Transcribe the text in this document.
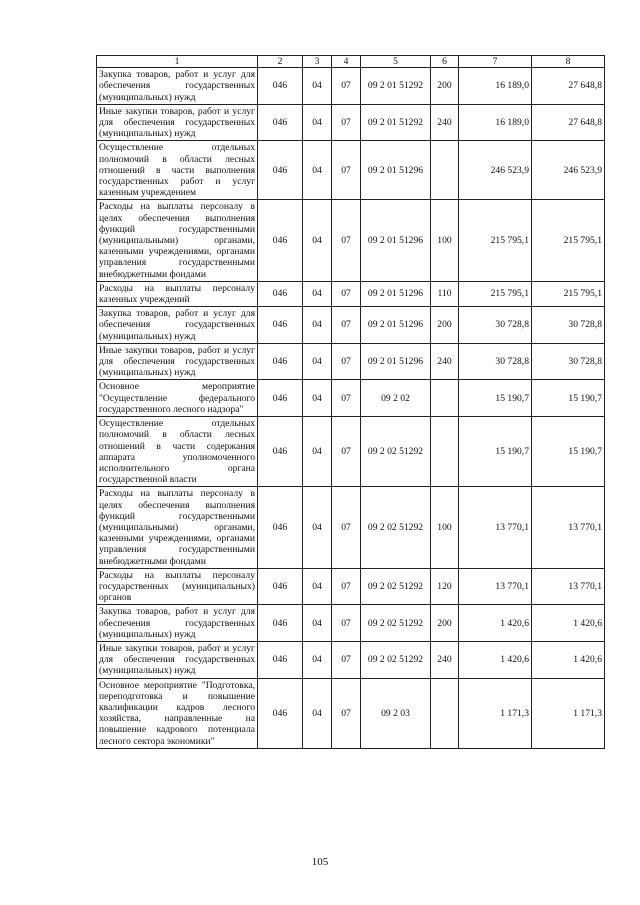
1	2	3	4	5	6	7	8
Закупка товаров, работ и услуг для обеспечения государственных (муниципальных) нужд	046	04	07	09 2 01 51292	200	16 189,0	27 648,8
Иные закупки товаров, работ и услуг для обеспечения государственных (муниципальных) нужд	046	04	07	09 2 01 51292	240	16 189,0	27 648,8
Осуществление отдельных полномочий в области лесных отношений в части выполнения государственных работ и услуг казенным учреждением	046	04	07	09 2 01 51296		246 523,9	246 523,9
Расходы на выплаты персоналу в целях обеспечения выполнения функций государственными (муниципальными) органами, казенными учреждениями, органами управления государственными внебюджетными фондами	046	04	07	09 2 01 51296	100	215 795,1	215 795,1
Расходы на выплаты персоналу казенных учреждений	046	04	07	09 2 01 51296	110	215 795,1	215 795,1
Закупка товаров, работ и услуг для обеспечения государственных (муниципальных) нужд	046	04	07	09 2 01 51296	200	30 728,8	30 728,8
Иные закупки товаров, работ и услуг для обеспечения государственных (муниципальных) нужд	046	04	07	09 2 01 51296	240	30 728,8	30 728,8
Основное мероприятие "Осуществление федерального государственного лесного надзора"	046	04	07	09 2 02		15 190,7	15 190,7
Осуществление отдельных полномочий в области лесных отношений в части содержания аппарата уполномоченного исполнительного органа государственной власти	046	04	07	09 2 02 51292		15 190,7	15 190,7
Расходы на выплаты персоналу в целях обеспечения выполнения функций государственными (муниципальными) органами, казенными учреждениями, органами управления государственными внебюджетными фондами	046	04	07	09 2 02 51292	100	13 770,1	13 770,1
Расходы на выплаты персоналу государственных (муниципальных) органов	046	04	07	09 2 02 51292	120	13 770,1	13 770,1
Закупка товаров, работ и услуг для обеспечения государственных (муниципальных) нужд	046	04	07	09 2 02 51292	200	1 420,6	1 420,6
Иные закупки товаров, работ и услуг для обеспечения государственных (муниципальных) нужд	046	04	07	09 2 02 51292	240	1 420,6	1 420,6
Основное мероприятие "Подготовка, переподготовка и повышение квалификации кадров лесного хозяйства, направленные на повышение кадрового потенциала лесного сектора экономики"	046	04	07	09 2 03		1 171,3	1 171,3
105
